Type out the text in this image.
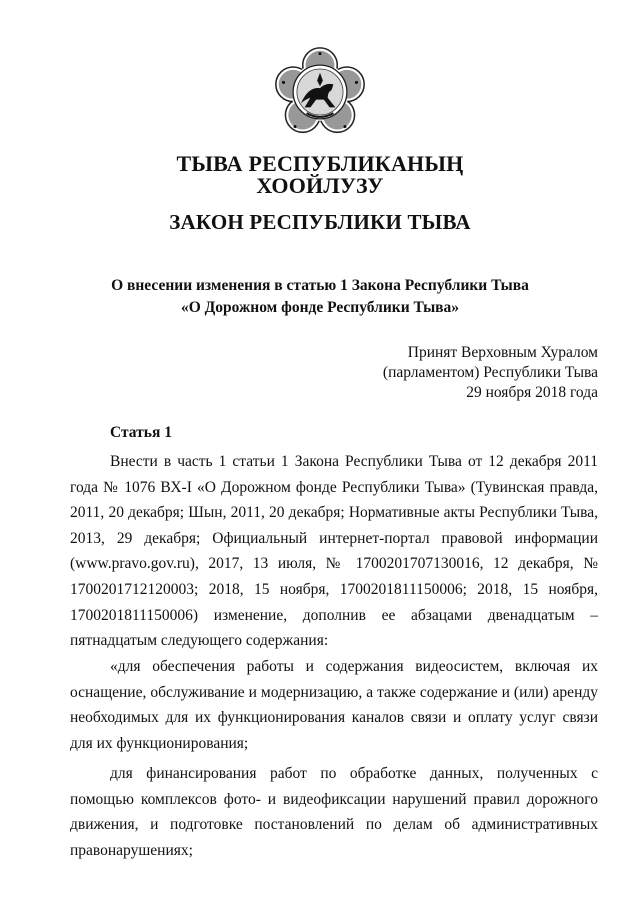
ТЫВА РЕСПУБЛИКАНЫҢ
ХООЙЛУЗУ
ЗАКОН РЕСПУБЛИКИ ТЫВА
О внесении изменения в статью 1 Закона Республики Тыва
«О Дорожном фонде Республики Тыва»
Принят Верховным Хуралом
(парламентом) Республики Тыва
29 ноября 2018 года
Статья 1
Внести в часть 1 статьи 1 Закона Республики Тыва от 12 декабря 2011 года № 1076 ВХ-I «О Дорожном фонде Республики Тыва» (Тувинская правда, 2011, 20 декабря; Шын, 2011, 20 декабря; Нормативные акты Республики Тыва, 2013, 29 декабря; Официальный интернет-портал правовой информации (www.pravo.gov.ru), 2017, 13 июля, № 1700201707130016, 12 декабря, № 1700201712120003; 2018, 15 ноября, 1700201811150006; 2018, 15 ноября, 1700201811150006) изменение, дополнив ее абзацами двенадцатым – пятнадцатым следующего содержания:
«для обеспечения работы и содержания видеосистем, включая их оснащение, обслуживание и модернизацию, а также содержание и (или) аренду необходимых для их функционирования каналов связи и оплату услуг связи для их функционирования;
для финансирования работ по обработке данных, полученных с помощью комплексов фото- и видеофиксации нарушений правил дорожного движения, и подготовке постановлений по делам об административных правонарушениях;
